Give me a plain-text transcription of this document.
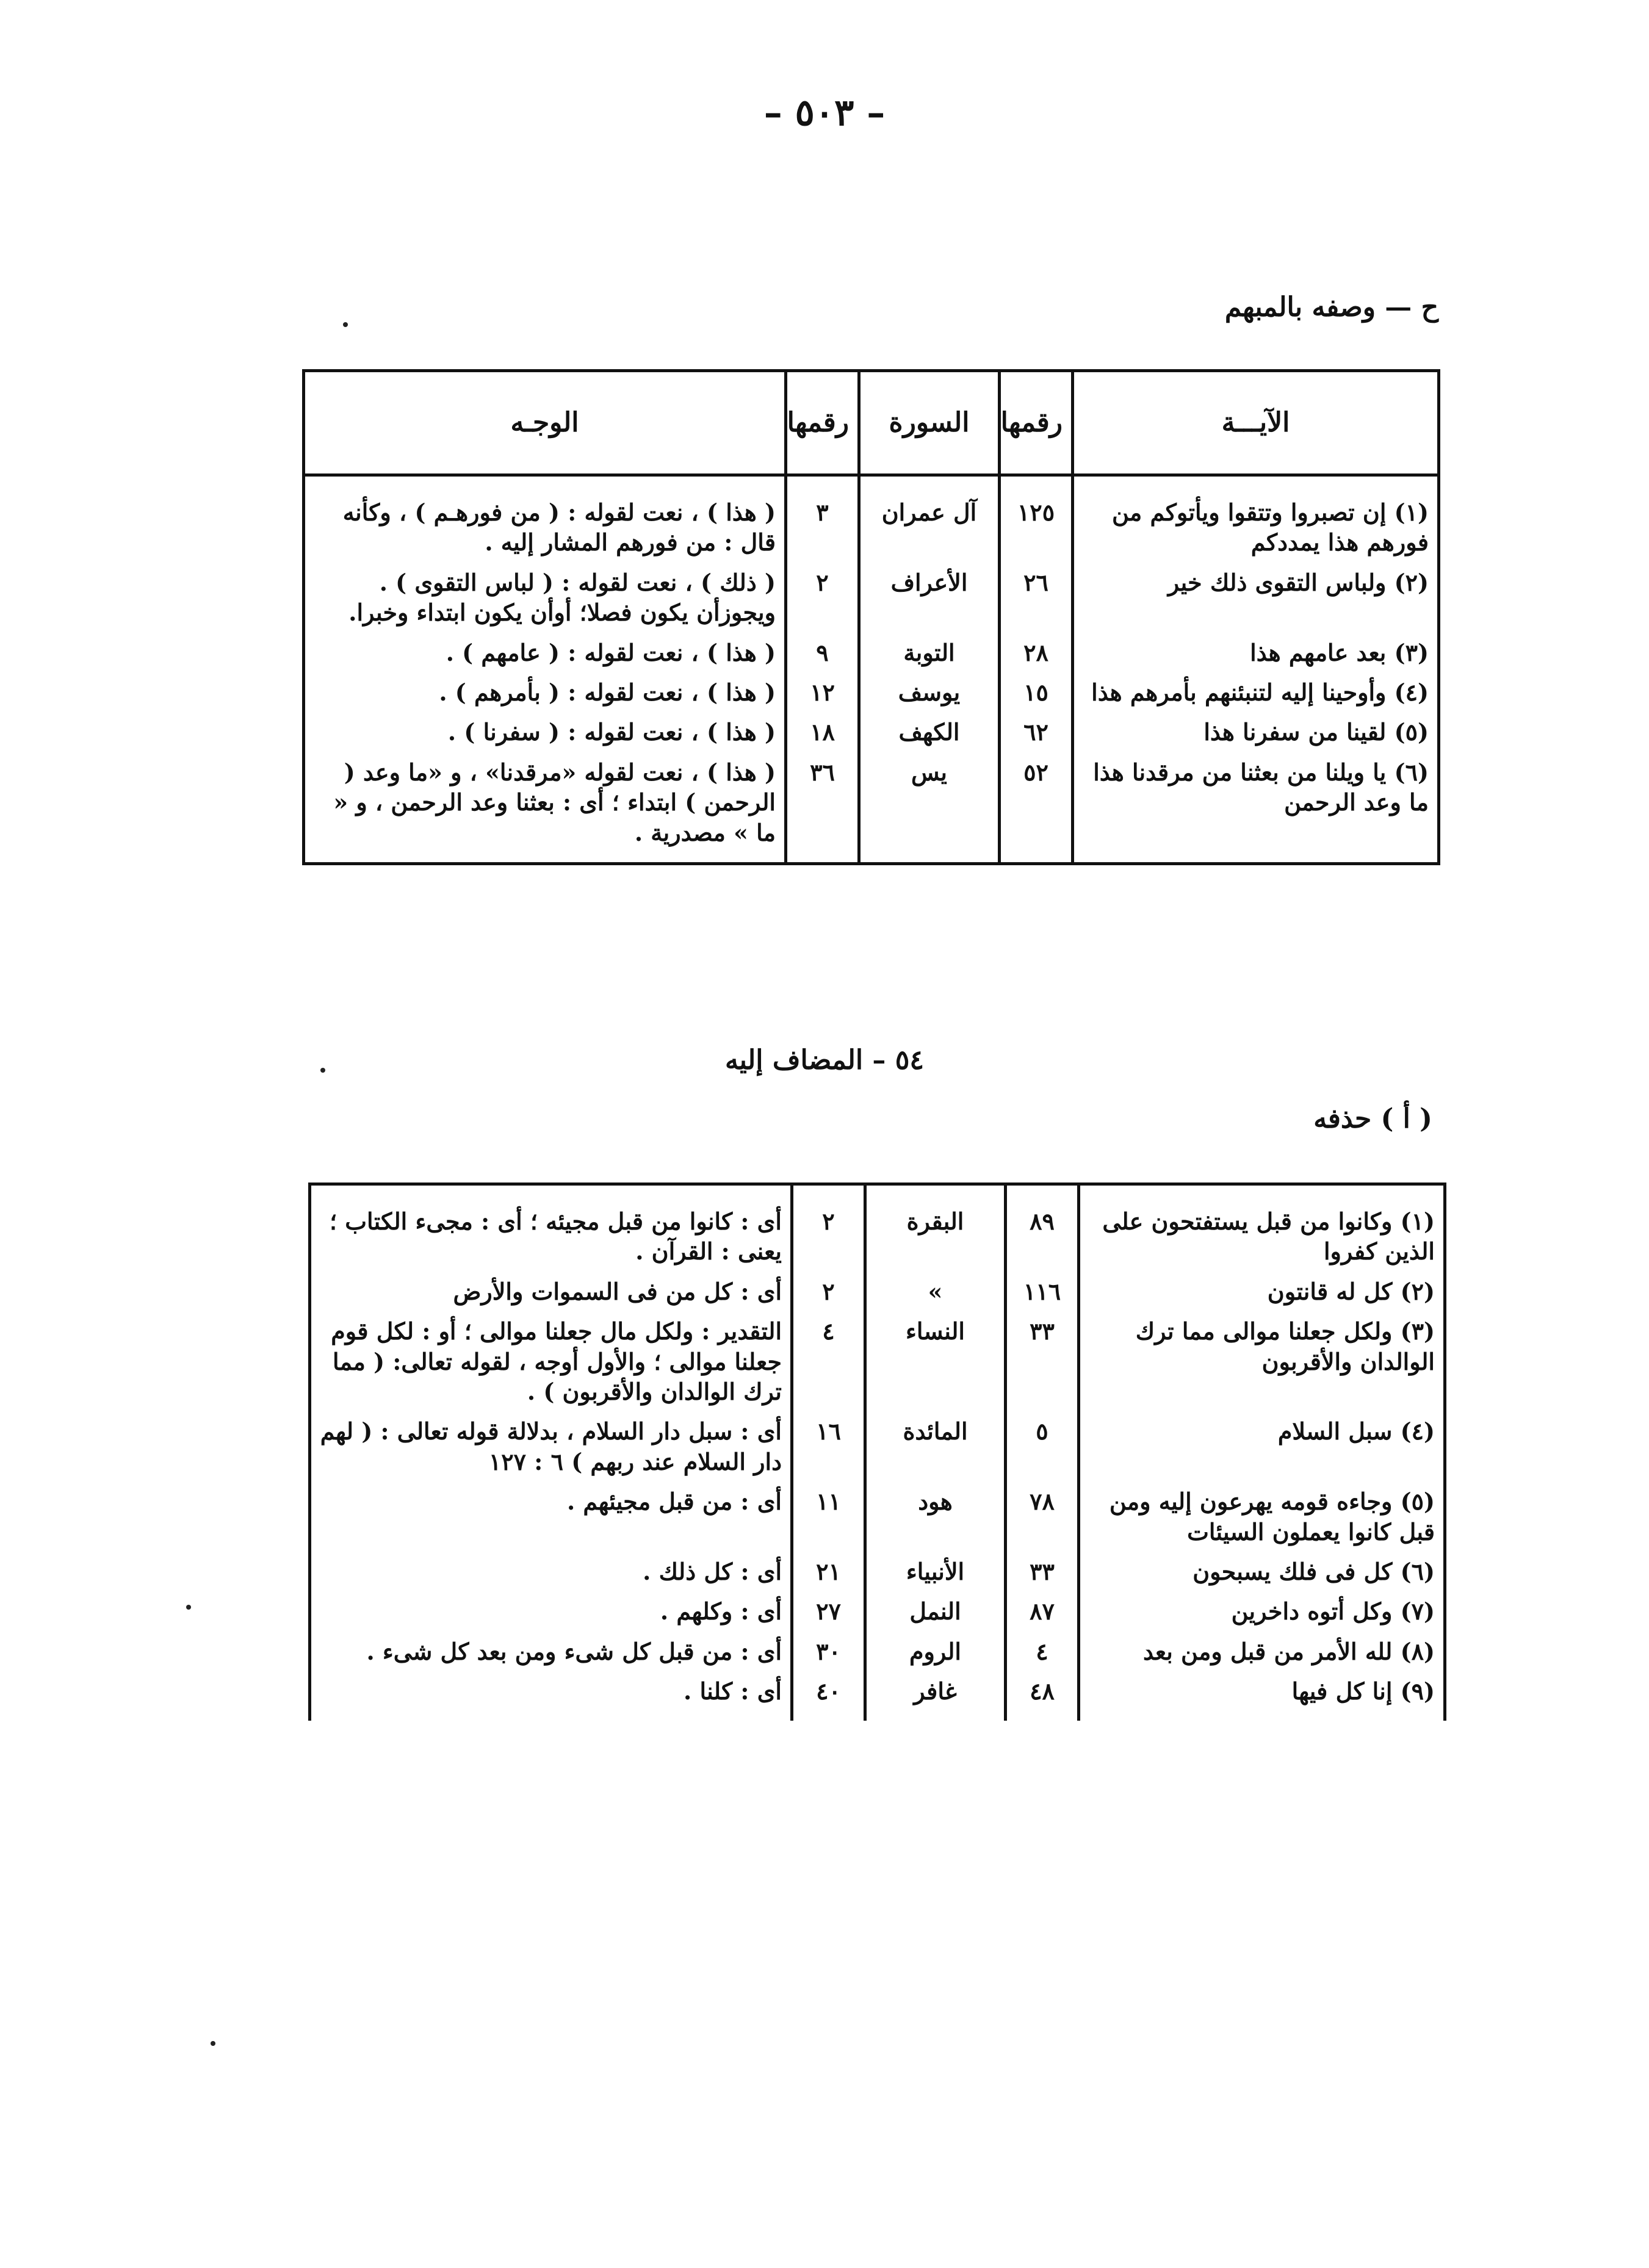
– ٥٠٣ –
ح — وصفه بالمبهم
الآيـــة	رقمها	السورة	رقمها	الوجـه
(١) إن تصبروا وتتقوا ويأتوكم من فورهم هذا يمددكم	١٢٥	آل عمران	٣	( هذا ) ، نعت لقوله : ( من فورهـم ) ، وكأنه قال : من فورهم المشار إليه .
(٢) ولباس التقوى ذلك خير	٢٦	الأعراف	٢	( ذلك ) ، نعت لقوله : ( لباس التقوى ) . ويجوزأن يكون فصلا؛ أوأن يكون ابتداء وخبرا.
(٣) بعد عامهم هذا	٢٨	التوبة	٩	( هذا ) ، نعت لقوله : ( عامهم ) .
(٤) وأوحينا إليه لتنبئنهم بأمرهم هذا	١٥	يوسف	١٢	( هذا ) ، نعت لقوله : ( بأمرهم ) .
(٥) لقينا من سفرنا هذا	٦٢	الكهف	١٨	( هذا ) ، نعت لقوله : ( سفرنا ) .
(٦) يا ويلنا من بعثنا من مرقدنا هذا ما وعد الرحمن	٥٢	يس	٣٦	( هذا ) ، نعت لقوله «مرقدنا» ، و «ما وعد ( الرحمن ) ابتداء ؛ أى : بعثنا وعد الرحمن ، و « ما » مصدرية .
٥٤ – المضاف إليه
( أ ) حذفه
(١) وكانوا من قبل يستفتحون على الذين كفروا	٨٩	البقرة	٢	أى : كانوا من قبل مجيئه ؛ أى : مجىء الكتاب ؛ يعنى : القرآن .
(٢) كل له قانتون	١١٦	»	٢	أى : كل من فى السموات والأرض
(٣) ولكل جعلنا موالى مما ترك الوالدان والأقربون	٣٣	النساء	٤	التقدير : ولكل مال جعلنا موالى ؛ أو : لكل قوم جعلنا موالى ؛ والأول أوجه ، لقوله تعالى: ( مما ترك الوالدان والأقربون ) .
(٤) سبل السلام	٥	المائدة	١٦	أى : سبل دار السلام ، بدلالة قوله تعالى : ( لهم دار السلام عند ربهم ) ٦ : ١٢٧
(٥) وجاءه قومه يهرعون إليه ومن قبل كانوا يعملون السيئات	٧٨	هود	١١	أى : من قبل مجيئهم .
(٦) كل فى فلك يسبحون	٣٣	الأنبياء	٢١	أى : كل ذلك .
(٧) وكل أتوه داخرين	٨٧	النمل	٢٧	أى : وكلهم .
(٨) لله الأمر من قبل ومن بعد	٤	الروم	٣٠	أى : من قبل كل شىء ومن بعد كل شىء .
(٩) إنا كل فيها	٤٨	غافر	٤٠	أى : كلنا .
